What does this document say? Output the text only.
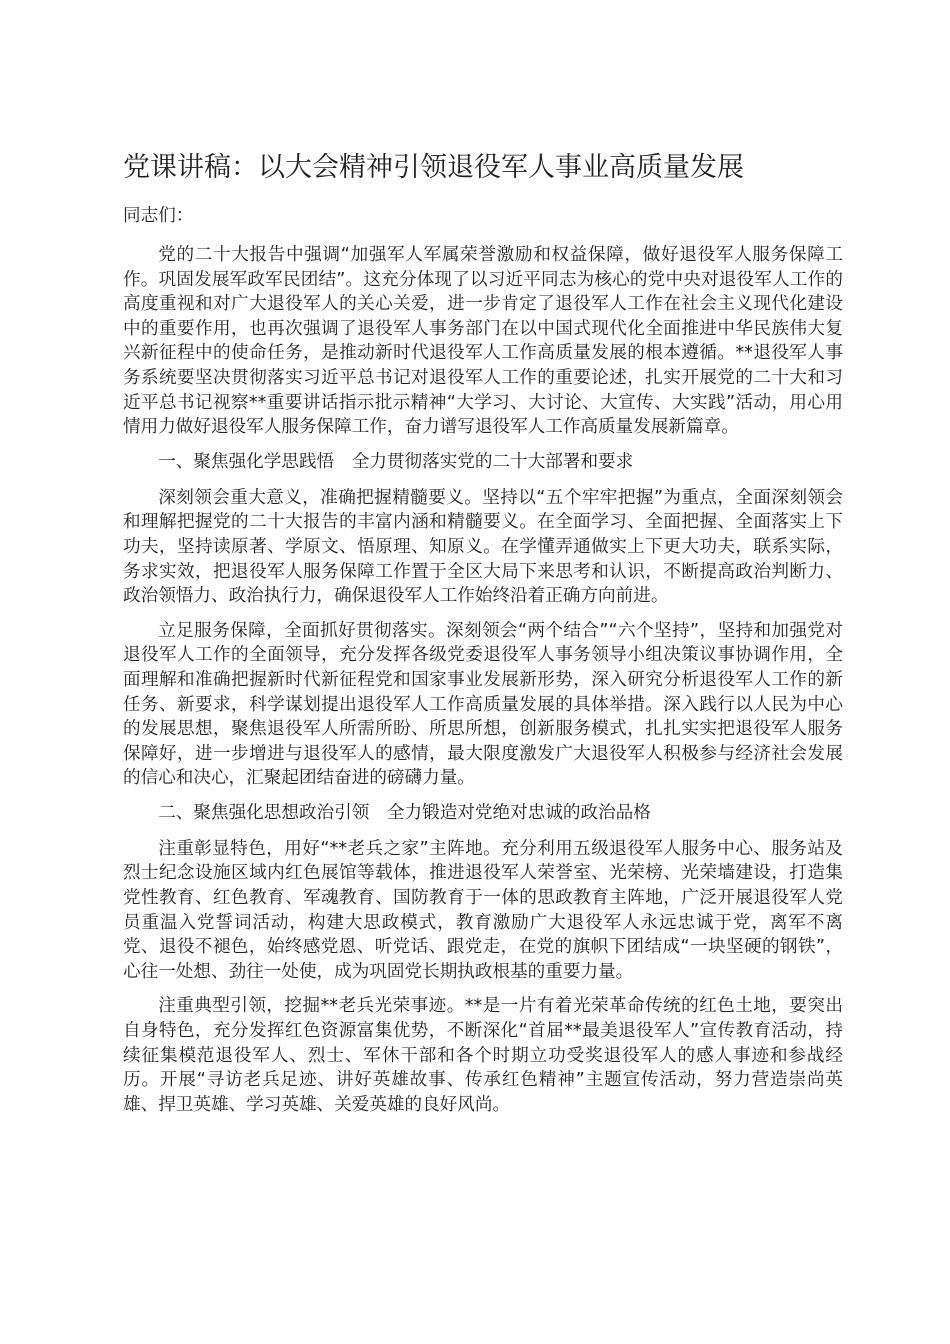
党课讲稿：以大会精神引领退役军人事业高质量发展

同志们：

党的二十大报告中强调“加强军人军属荣誉激励和权益保障，做好退役军人服务保障工作。巩固发展军政军民团结”。这充分体现了以习近平同志为核心的党中央对退役军人工作的高度重视和对广大退役军人的关心关爱，进一步肯定了退役军人工作在社会主义现代化建设中的重要作用，也再次强调了退役军人事务部门在以中国式现代化全面推进中华民族伟大复兴新征程中的使命任务，是推动新时代退役军人工作高质量发展的根本遵循。**退役军人事务系统要坚决贯彻落实习近平总书记对退役军人工作的重要论述，扎实开展党的二十大和习近平总书记视察**重要讲话指示批示精神“大学习、大讨论、大宣传、大实践”活动，用心用情用力做好退役军人服务保障工作，奋力谱写退役军人工作高质量发展新篇章。

一、聚焦强化学思践悟　全力贯彻落实党的二十大部署和要求

深刻领会重大意义，准确把握精髓要义。坚持以“五个牢牢把握”为重点，全面深刻领会和理解把握党的二十大报告的丰富内涵和精髓要义。在全面学习、全面把握、全面落实上下功夫，坚持读原著、学原文、悟原理、知原义。在学懂弄通做实上下更大功夫，联系实际，务求实效，把退役军人服务保障工作置于全区大局下来思考和认识，不断提高政治判断力、政治领悟力、政治执行力，确保退役军人工作始终沿着正确方向前进。

立足服务保障，全面抓好贯彻落实。深刻领会“两个结合”“六个坚持”，坚持和加强党对退役军人工作的全面领导，充分发挥各级党委退役军人事务领导小组决策议事协调作用，全面理解和准确把握新时代新征程党和国家事业发展新形势，深入研究分析退役军人工作的新任务、新要求，科学谋划提出退役军人工作高质量发展的具体举措。深入践行以人民为中心的发展思想，聚焦退役军人所需所盼、所思所想，创新服务模式，扎扎实实把退役军人服务保障好，进一步增进与退役军人的感情，最大限度激发广大退役军人积极参与经济社会发展的信心和决心，汇聚起团结奋进的磅礴力量。

二、聚焦强化思想政治引领　全力锻造对党绝对忠诚的政治品格

注重彰显特色，用好“**老兵之家”主阵地。充分利用五级退役军人服务中心、服务站及烈士纪念设施区域内红色展馆等载体，推进退役军人荣誉室、光荣榜、光荣墙建设，打造集党性教育、红色教育、军魂教育、国防教育于一体的思政教育主阵地，广泛开展退役军人党员重温入党誓词活动，构建大思政模式，教育激励广大退役军人永远忠诚于党，离军不离党、退役不褪色，始终感党恩、听党话、跟党走，在党的旗帜下团结成“一块坚硬的钢铁”，心往一处想、劲往一处使，成为巩固党长期执政根基的重要力量。

注重典型引领，挖掘**老兵光荣事迹。**是一片有着光荣革命传统的红色土地，要突出自身特色，充分发挥红色资源富集优势，不断深化“首届**最美退役军人”宣传教育活动，持续征集模范退役军人、烈士、军休干部和各个时期立功受奖退役军人的感人事迹和参战经历。开展“寻访老兵足迹、讲好英雄故事、传承红色精神”主题宣传活动，努力营造崇尚英雄、捍卫英雄、学习英雄、关爱英雄的良好风尚。
